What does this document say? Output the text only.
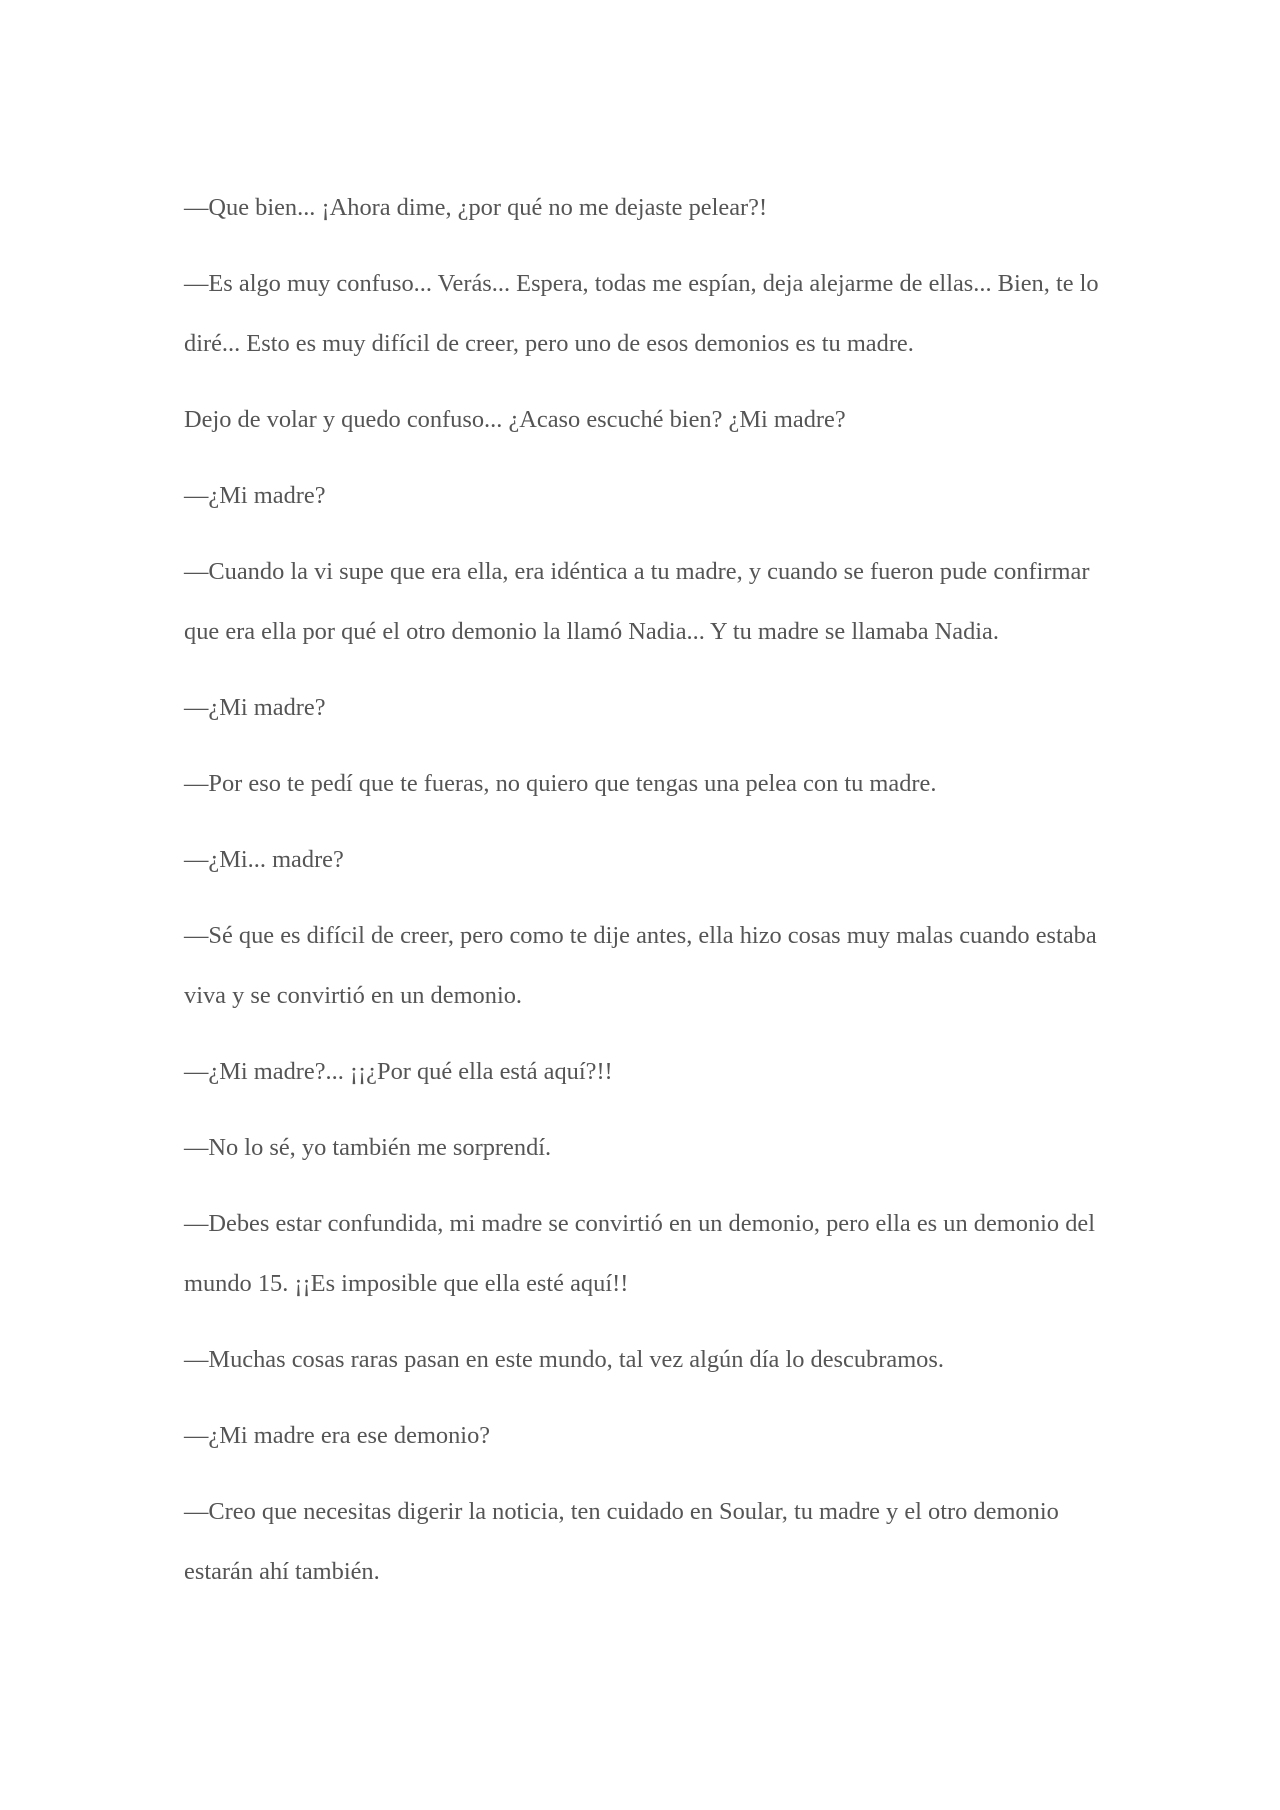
—Que bien... ¡Ahora dime, ¿por qué no me dejaste pelear?!

—Es algo muy confuso... Verás... Espera, todas me espían, deja alejarme de ellas... Bien, te lo diré... Esto es muy difícil de creer, pero uno de esos demonios es tu madre.

Dejo de volar y quedo confuso... ¿Acaso escuché bien? ¿Mi madre?

—¿Mi madre?

—Cuando la vi supe que era ella, era idéntica a tu madre, y cuando se fueron pude confirmar que era ella por qué el otro demonio la llamó Nadia... Y tu madre se llamaba Nadia.

—¿Mi madre?

—Por eso te pedí que te fueras, no quiero que tengas una pelea con tu madre.

—¿Mi... madre?

—Sé que es difícil de creer, pero como te dije antes, ella hizo cosas muy malas cuando estaba viva y se convirtió en un demonio.

—¿Mi madre?... ¡¡¿Por qué ella está aquí?!!

—No lo sé, yo también me sorprendí.

—Debes estar confundida, mi madre se convirtió en un demonio, pero ella es un demonio del mundo 15. ¡¡Es imposible que ella esté aquí!!

—Muchas cosas raras pasan en este mundo, tal vez algún día lo descubramos.

—¿Mi madre era ese demonio?

—Creo que necesitas digerir la noticia, ten cuidado en Soular, tu madre y el otro demonio estarán ahí también.
